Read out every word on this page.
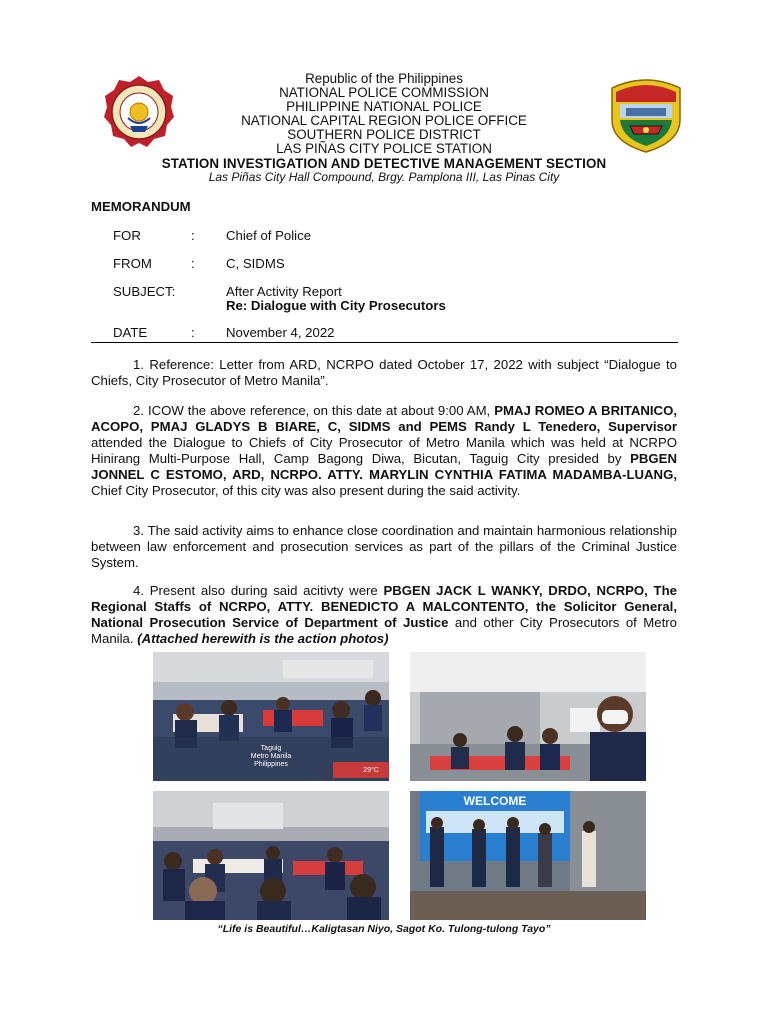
Republic of the Philippines
NATIONAL POLICE COMMISSION
PHILIPPINE NATIONAL POLICE
NATIONAL CAPITAL REGION POLICE OFFICE
SOUTHERN POLICE DISTRICT
LAS PIÑAS CITY POLICE STATION
STATION INVESTIGATION AND DETECTIVE MANAGEMENT SECTION
Las Piñas City Hall Compound, Brgy. Pamplona III, Las Pinas City
MEMORANDUM
FOR	: Chief of Police
FROM	: C, SIDMS
SUBJECT:	After Activity Report
Re: Dialogue with City Prosecutors
DATE	: November 4, 2022
1. Reference: Letter from ARD, NCRPO dated October 17, 2022 with subject “Dialogue to Chiefs, City Prosecutor of Metro Manila”.
2. ICOW the above reference, on this date at about 9:00 AM, PMAJ ROMEO A BRITANICO, ACOPO, PMAJ GLADYS B BIARE, C, SIDMS and PEMS Randy L Tenedero, Supervisor attended the Dialogue to Chiefs of City Prosecutor of Metro Manila which was held at NCRPO Hinirang Multi-Purpose Hall, Camp Bagong Diwa, Bicutan, Taguig City presided by PBGEN JONNEL C ESTOMO, ARD, NCRPO. ATTY. MARYLIN CYNTHIA FATIMA MADAMBA-LUANG, Chief City Prosecutor, of this city was also present during the said activity.
3. The said activity aims to enhance close coordination and maintain harmonious relationship between law enforcement and prosecution services as part of the pillars of the Criminal Justice System.
4. Present also during said acitivty were PBGEN JACK L WANKY, DRDO, NCRPO, The Regional Staffs of NCRPO, ATTY. BENEDICTO A MALCONTENTO, the Solicitor General, National Prosecution Service of Department of Justice and other City Prosecutors of Metro Manila. (Attached herewith is the action photos)
Taguig
Metro Manila
Philippines
29°C
WELCOME
“Life is Beautiful…Kaligtasan Niyo, Sagot Ko. Tulong-tulong Tayo”
